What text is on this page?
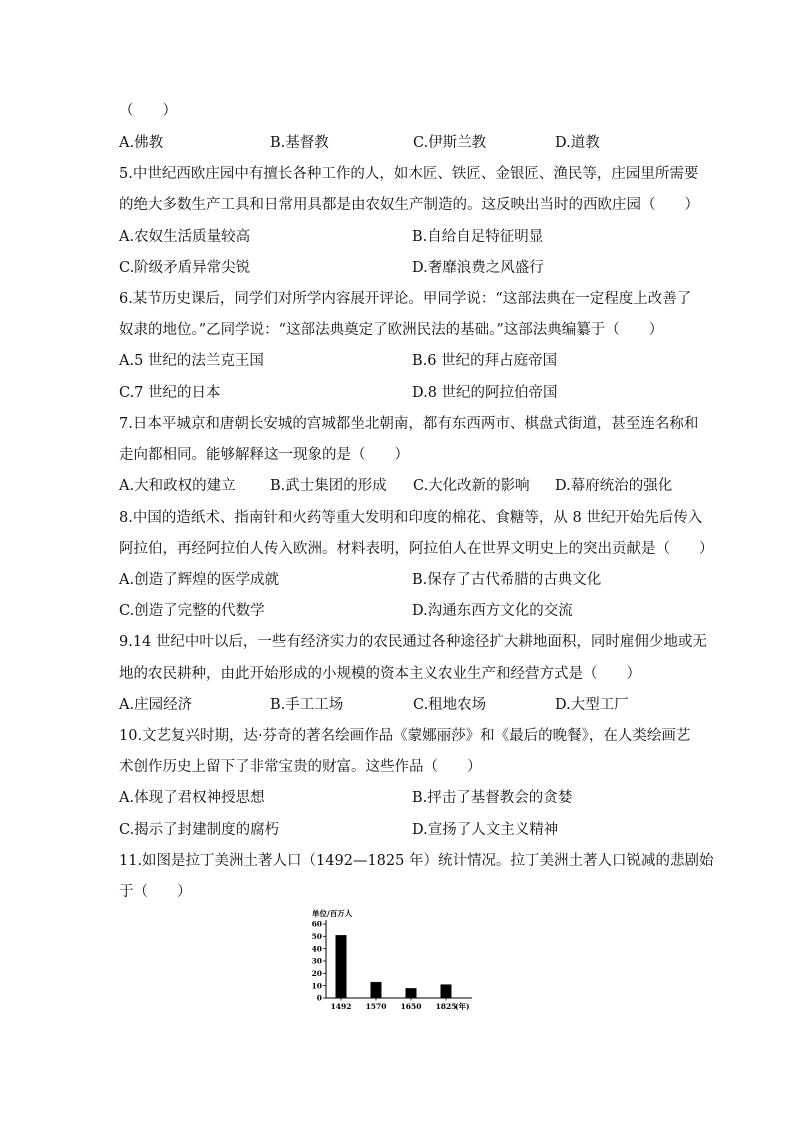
（　　）
A.佛教	B.基督教	C.伊斯兰教	D.道教
5.中世纪西欧庄园中有擅长各种工作的人，如木匠、铁匠、金银匠、渔民等，庄园里所需要
的绝大多数生产工具和日常用具都是由农奴生产制造的。这反映出当时的西欧庄园（　　）
A.农奴生活质量较高	B.自给自足特征明显
C.阶级矛盾异常尖锐	D.奢靡浪费之风盛行
6.某节历史课后，同学们对所学内容展开评论。甲同学说：“这部法典在一定程度上改善了
奴隶的地位。”乙同学说：“这部法典奠定了欧洲民法的基础。”这部法典编纂于（　　）
A.5 世纪的法兰克王国	B.6 世纪的拜占庭帝国
C.7 世纪的日本	D.8 世纪的阿拉伯帝国
7.日本平城京和唐朝长安城的宫城都坐北朝南，都有东西两市、棋盘式街道，甚至连名称和
走向都相同。能够解释这一现象的是（　　）
A.大和政权的建立 B.武士集团的形成 C.大化改新的影响 D.幕府统治的强化
8.中国的造纸术、指南针和火药等重大发明和印度的棉花、食糖等，从 8 世纪开始先后传入
阿拉伯，再经阿拉伯人传入欧洲。材料表明，阿拉伯人在世界文明史上的突出贡献是（　　）
A.创造了辉煌的医学成就	B.保存了古代希腊的古典文化
C.创造了完整的代数学	D.沟通东西方文化的交流
9.14 世纪中叶以后，一些有经济实力的农民通过各种途径扩大耕地面积，同时雇佣少地或无
地的农民耕种，由此开始形成的小规模的资本主义农业生产和经营方式是（　　）
A.庄园经济	B.手工工场	C.租地农场	D.大型工厂
10.文艺复兴时期，达·芬奇的著名绘画作品《蒙娜丽莎》和《最后的晚餐》，在人类绘画艺
术创作历史上留下了非常宝贵的财富。这些作品（　　）
A.体现了君权神授思想	B.抨击了基督教会的贪婪
C.揭示了封建制度的腐朽	D.宣扬了人文主义精神
11.如图是拉丁美洲土著人口（1492—1825 年）统计情况。拉丁美洲土著人口锐减的悲剧始
于（　　）
单位/百万人
0
10
20
30
40
50
60
1492 1570 1650 1825
(年)
